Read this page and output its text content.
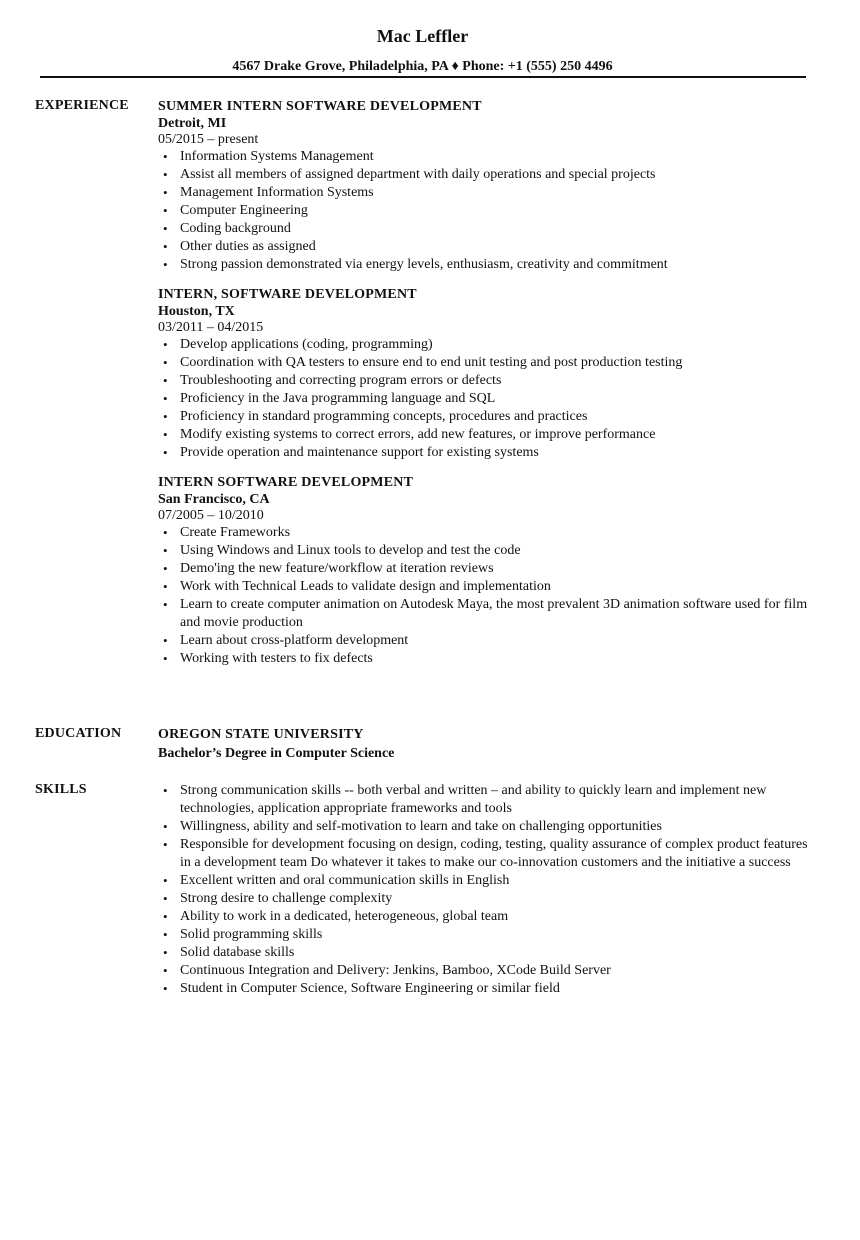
Mac Leffler
4567 Drake Grove, Philadelphia, PA ♦ Phone: +1 (555) 250 4496
EXPERIENCE SUMMER INTERN SOFTWARE DEVELOPMENT
Detroit, MI
05/2015 – present
• Information Systems Management
• Assist all members of assigned department with daily operations and special projects
• Management Information Systems
• Computer Engineering
• Coding background
• Other duties as assigned
• Strong passion demonstrated via energy levels, enthusiasm, creativity and commitment
INTERN, SOFTWARE DEVELOPMENT
Houston, TX
03/2011 – 04/2015
• Develop applications (coding, programming)
• Coordination with QA testers to ensure end to end unit testing and post production testing
• Troubleshooting and correcting program errors or defects
• Proficiency in the Java programming language and SQL
• Proficiency in standard programming concepts, procedures and practices
• Modify existing systems to correct errors, add new features, or improve performance
• Provide operation and maintenance support for existing systems
INTERN SOFTWARE DEVELOPMENT
San Francisco, CA
07/2005 – 10/2010
• Create Frameworks
• Using Windows and Linux tools to develop and test the code
• Demo'ing the new feature/workflow at iteration reviews
• Work with Technical Leads to validate design and implementation
• Learn to create computer animation on Autodesk Maya, the most prevalent 3D animation software used for film and movie production
• Learn about cross-platform development
• Working with testers to fix defects
EDUCATION	OREGON STATE UNIVERSITY
Bachelor’s Degree in Computer Science
SKILLS
•	Strong communication skills -- both verbal and written – and ability to quickly learn and implement new technologies, application appropriate frameworks and tools
• Willingness, ability and self-motivation to learn and take on challenging opportunities
• Responsible for development focusing on design, coding, testing, quality assurance of complex product features in a development team Do whatever it takes to make our co-innovation customers and the initiative a success
• Excellent written and oral communication skills in English
• Strong desire to challenge complexity
• Ability to work in a dedicated, heterogeneous, global team
• Solid programming skills
• Solid database skills
• Continuous Integration and Delivery: Jenkins, Bamboo, XCode Build Server
• Student in Computer Science, Software Engineering or similar field
